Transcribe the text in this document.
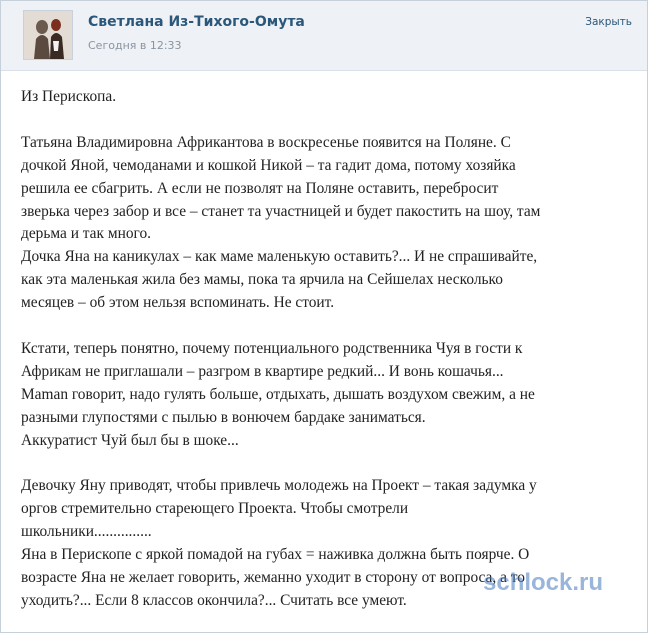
Светлана Из-Тихого-Омута
Сегодня в 12:33
Закрыть

Из Перископа.

Татьяна Владимировна Африкантова в воскресенье появится на Поляне. С
дочкой Яной, чемоданами и кошкой Никой – та гадит дома, потому хозяйка
решила ее сбагрить. А если не позволят на Поляне оставить, перебросит
зверька через забор и все – станет та участницей и будет пакостить на шоу, там
дерьма и так много.
Дочка Яна на каникулах – как маме маленькую оставить?... И не спрашивайте,
как эта маленькая жила без мамы, пока та ярчила на Сейшелах несколько
месяцев – об этом нельзя вспоминать. Не стоит.

Кстати, теперь понятно, почему потенциального родственника Чуя в гости к
Африкам не приглашали – разгром в квартире редкий... И вонь кошачья...
Maman говорит, надо гулять больше, отдыхать, дышать воздухом свежим, а не
разными глупостями с пылью в вонючем бардаке заниматься.
Аккуратист Чуй был бы в шоке...

Девочку Яну приводят, чтобы привлечь молодежь на Проект – такая задумка у
оргов стремительно стареющего Проекта. Чтобы смотрели
школьники...............
Яна в Перископе с яркой помадой на губах = наживка должна быть поярче. О
возрасте Яна не желает говорить, жеманно уходит в сторону от вопроса, а то
уходить?... Если 8 классов окончила?... Считать все умеют.

schlock.ru
